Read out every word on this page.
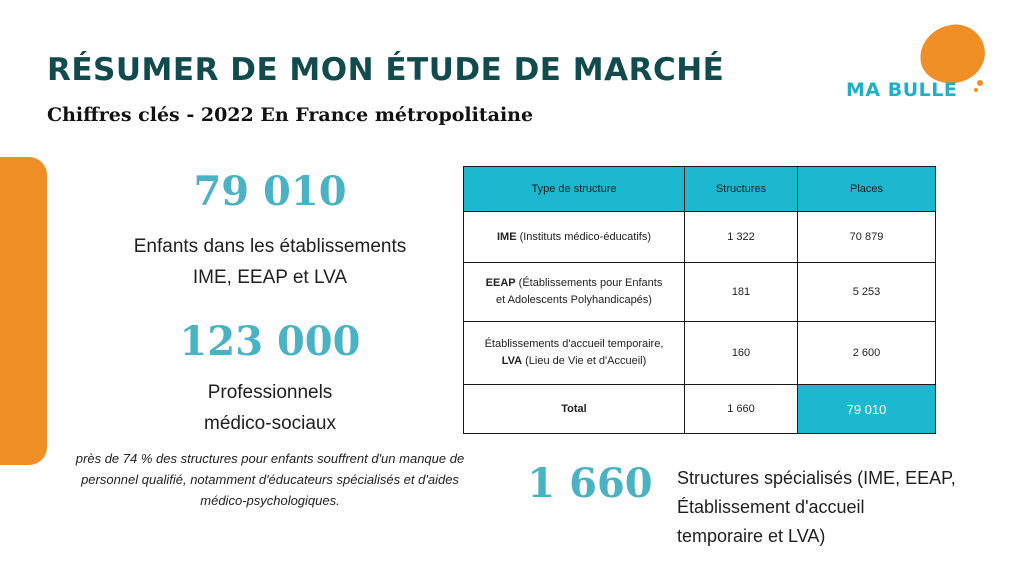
RÉSUMER DE MON ÉTUDE DE MARCHÉ
Chiffres clés - 2022 En France métropolitaine

MA BULLE

79 010

Enfants dans les établissements
IME, EEAP et LVA

123 000

Professionnels
médico-sociaux

près de 74 % des structures pour enfants souffrent d'un manque de
personnel qualifié, notamment d'éducateurs spécialisés et d'aides
médico-psychologiques.

Type de structure	Structures	Places
IME (Instituts médico-éducatifs)	1 322	70 879
EEAP (Établissements pour Enfants
et Adolescents Polyhandicapés)	181	5 253
Établissements d'accueil temporaire,
LVA (Lieu de Vie et d'Accueil)	160	2 600
Total	1 660	79 010

1 660	Structures spécialisés (IME, EEAP,
Établissement d'accueil
temporaire et LVA)
